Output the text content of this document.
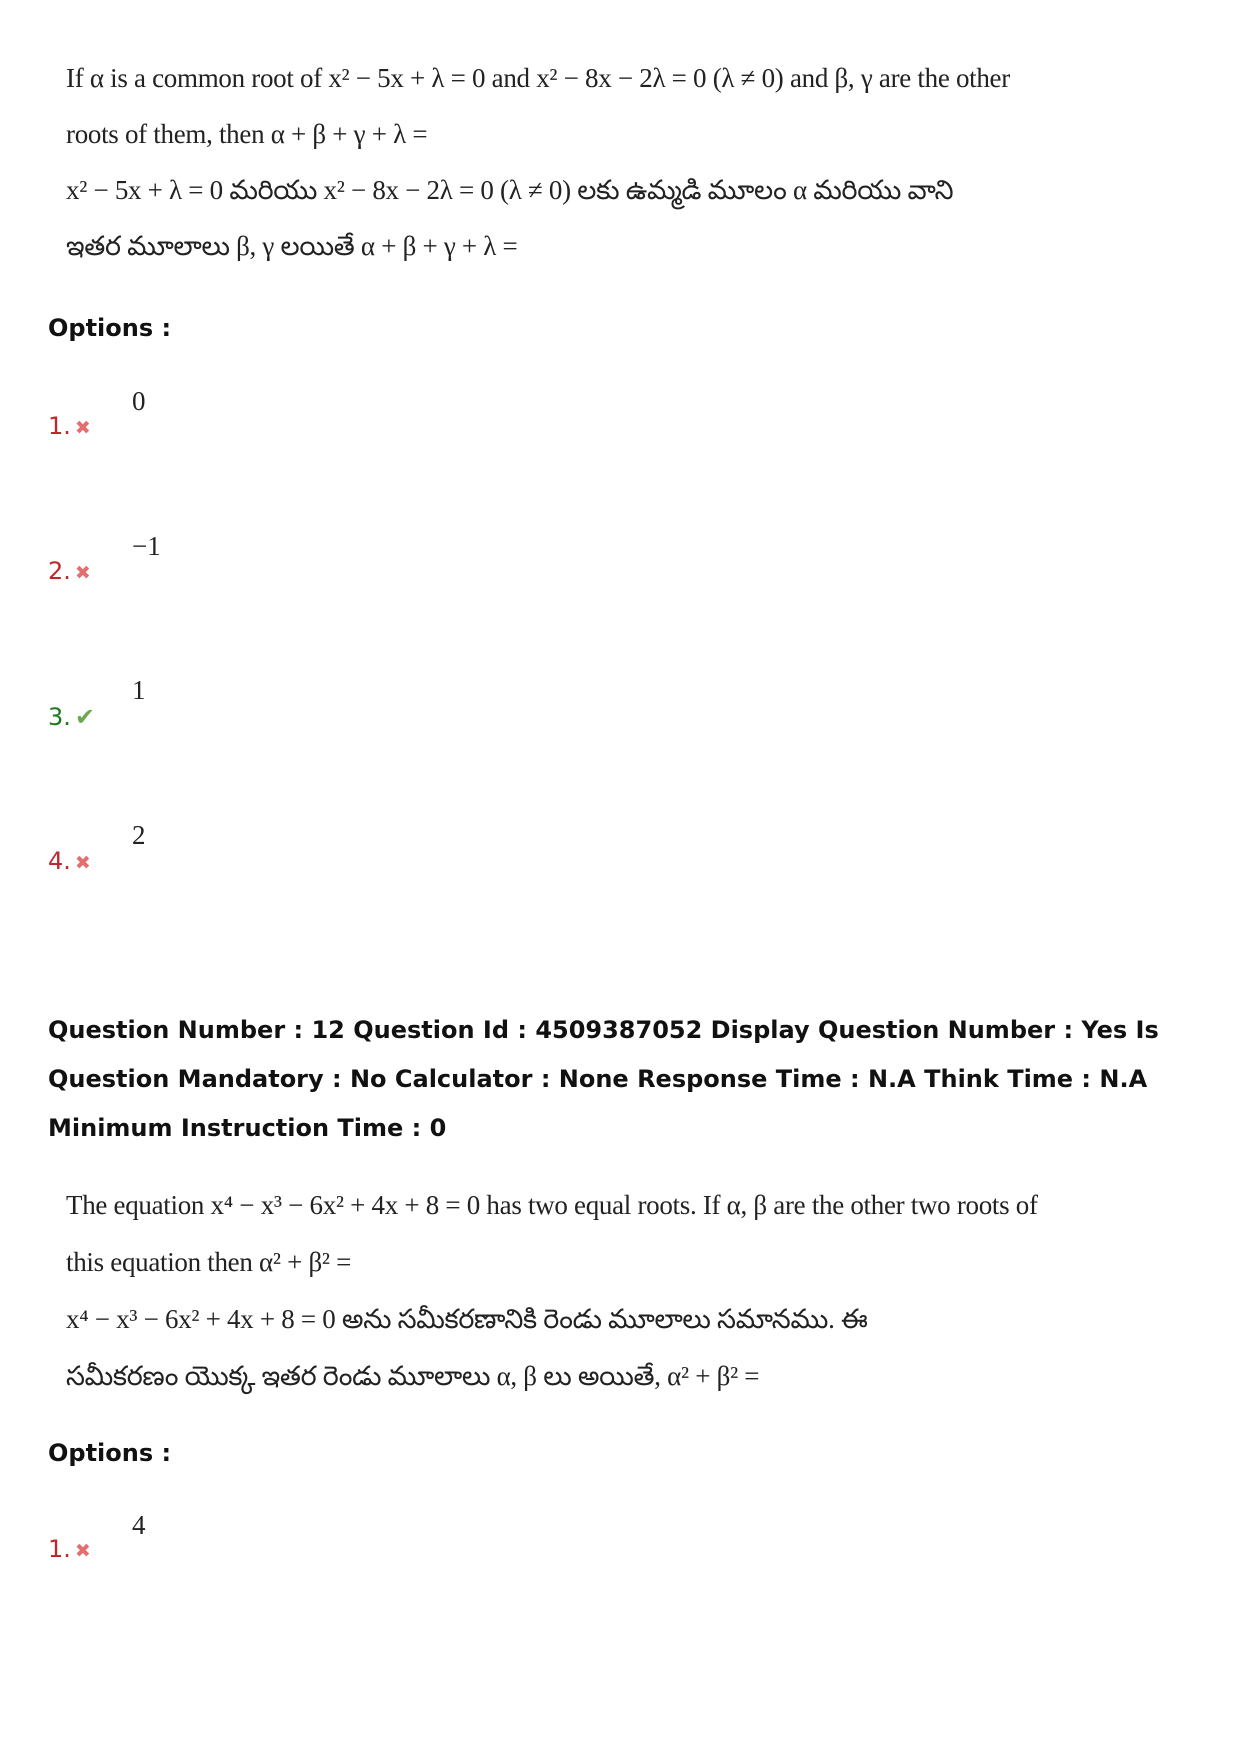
If α is a common root of x² − 5x + λ = 0 and x² − 8x − 2λ = 0 (λ ≠ 0) and β, γ are the other
roots of them, then α + β + γ + λ =
x² − 5x + λ = 0 మరియు x² − 8x − 2λ = 0 (λ ≠ 0) లకు ఉమ్మడి మూలం α మరియు వాని
ఇతర మూలాలు β, γ లయితే α + β + γ + λ =
Options :
1. ✖
0
2. ✖
−1
3. ✔
1
4. ✖
2
Question Number : 12 Question Id : 4509387052 Display Question Number : Yes Is Question Mandatory : No Calculator : None Response Time : N.A Think Time : N.A Minimum Instruction Time : 0
The equation x⁴ − x³ − 6x² + 4x + 8 = 0 has two equal roots. If α, β are the other two roots of
this equation then α² + β² =
x⁴ − x³ − 6x² + 4x + 8 = 0 అను సమీకరణానికి రెండు మూలాలు సమానము. ఈ
సమీకరణం యొక్క ఇతర రెండు మూలాలు α, β లు అయితే, α² + β² =
Options :
1. ✖
4
